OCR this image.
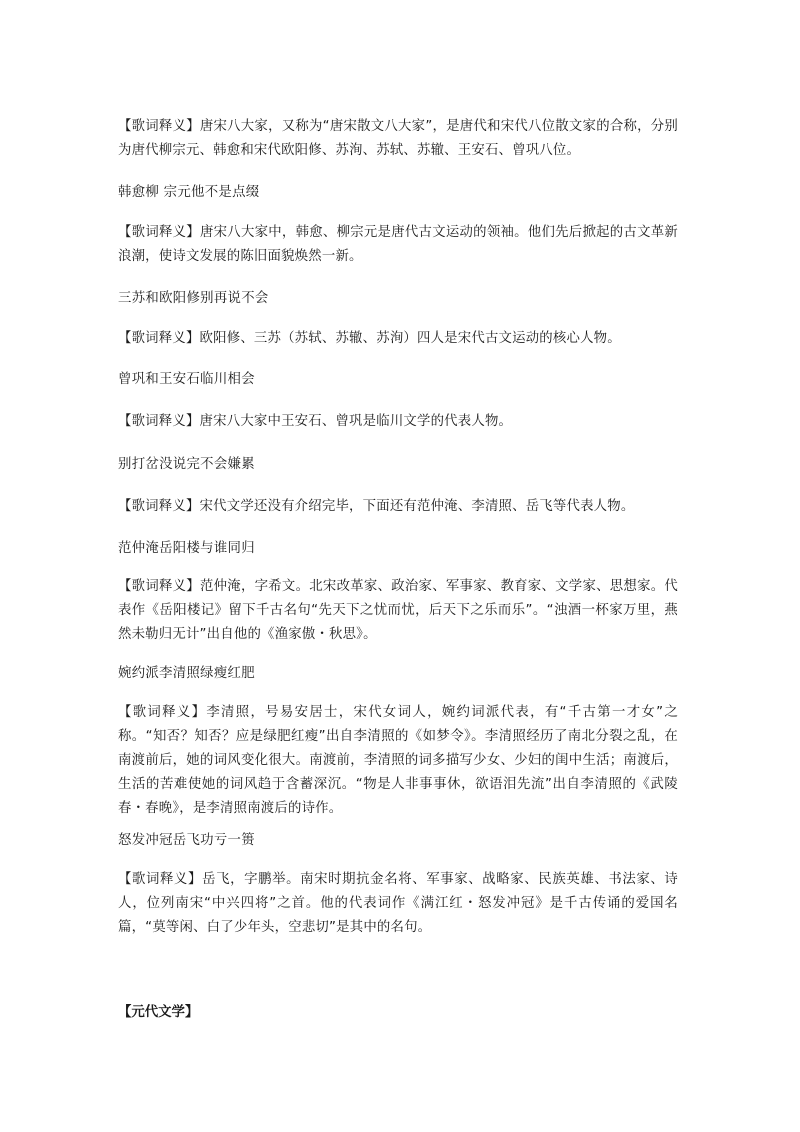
【歌词释义】唐宋八大家，又称为“唐宋散文八大家”，是唐代和宋代八位散文家的合称，分别为唐代柳宗元、韩愈和宋代欧阳修、苏洵、苏轼、苏辙、王安石、曾巩八位。

韩愈柳 宗元他不是点缀

【歌词释义】唐宋八大家中，韩愈、柳宗元是唐代古文运动的领袖。他们先后掀起的古文革新浪潮，使诗文发展的陈旧面貌焕然一新。

三苏和欧阳修别再说不会

【歌词释义】欧阳修、三苏（苏轼、苏辙、苏洵）四人是宋代古文运动的核心人物。

曾巩和王安石临川相会

【歌词释义】唐宋八大家中王安石、曾巩是临川文学的代表人物。

别打岔没说完不会嫌累

【歌词释义】宋代文学还没有介绍完毕，下面还有范仲淹、李清照、岳飞等代表人物。

范仲淹岳阳楼与谁同归

【歌词释义】范仲淹，字希文。北宋改革家、政治家、军事家、教育家、文学家、思想家。代表作《岳阳楼记》留下千古名句“先天下之忧而忧，后天下之乐而乐”。“浊酒一杯家万里，燕然未勒归无计”出自他的《渔家傲・秋思》。

婉约派李清照绿瘦红肥

【歌词释义】李清照，号易安居士，宋代女词人，婉约词派代表，有“千古第一才女”之称。“知否？知否？应是绿肥红瘦”出自李清照的《如梦令》。李清照经历了南北分裂之乱，在南渡前后，她的词风变化很大。南渡前，李清照的词多描写少女、少妇的闺中生活；南渡后，生活的苦难使她的词风趋于含蓄深沉。“物是人非事事休，欲语泪先流”出自李清照的《武陵春・春晚》，是李清照南渡后的诗作。

怒发冲冠岳飞功亏一篑

【歌词释义】岳飞，字鹏举。南宋时期抗金名将、军事家、战略家、民族英雄、书法家、诗人，位列南宋“中兴四将”之首。他的代表词作《满江红・怒发冲冠》是千古传诵的爱国名篇，“莫等闲、白了少年头，空悲切”是其中的名句。

【元代文学】
